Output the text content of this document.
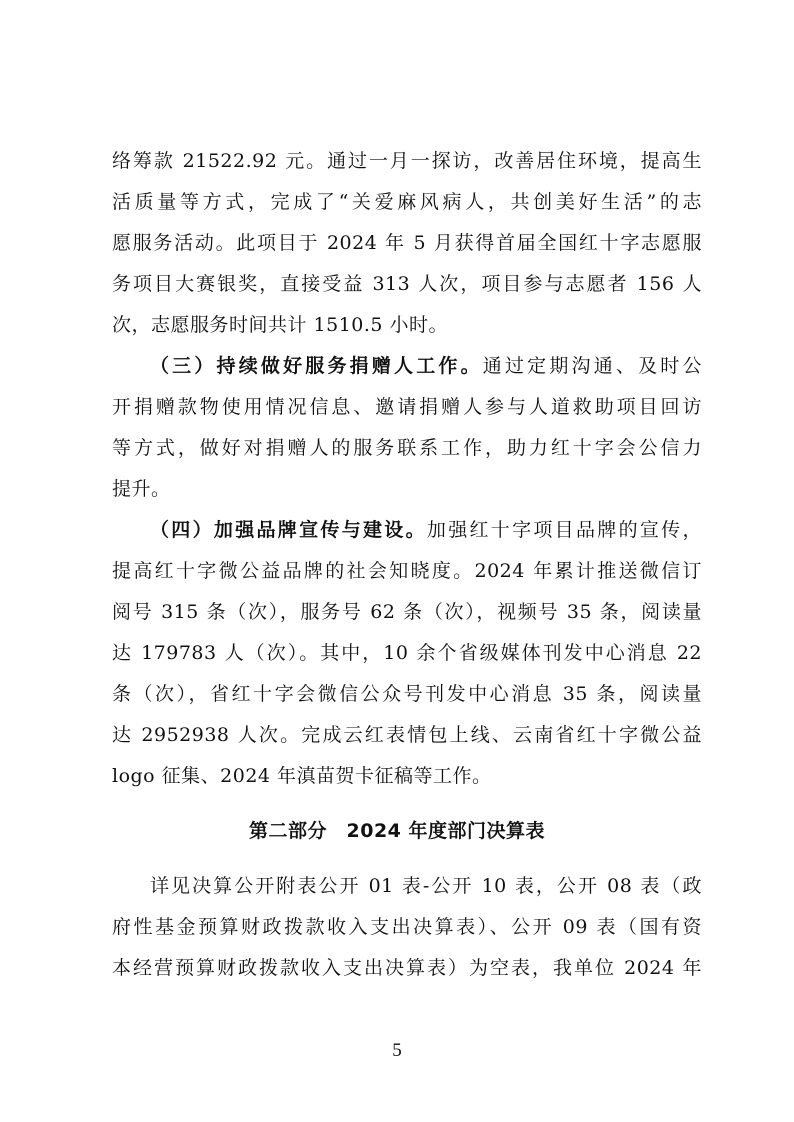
络筹款 21522.92 元。通过一月一探访，改善居住环境，提高生
活质量等方式，完成了“关爱麻风病人，共创美好生活”的志
愿服务活动。此项目于 2024 年 5 月获得首届全国红十字志愿服
务项目大赛银奖，直接受益 313 人次，项目参与志愿者 156 人
次，志愿服务时间共计 1510.5 小时。
（三）持续做好服务捐赠人工作。通过定期沟通、及时公
开捐赠款物使用情况信息、邀请捐赠人参与人道救助项目回访
等方式，做好对捐赠人的服务联系工作，助力红十字会公信力
提升。
（四）加强品牌宣传与建设。加强红十字项目品牌的宣传，
提高红十字微公益品牌的社会知晓度。2024 年累计推送微信订
阅号 315 条（次），服务号 62 条（次），视频号 35 条，阅读量
达 179783 人（次）。其中，10 余个省级媒体刊发中心消息 22
条（次），省红十字会微信公众号刊发中心消息 35 条，阅读量
达 2952938 人次。完成云红表情包上线、云南省红十字微公益
logo 征集、2024 年滇苗贺卡征稿等工作。
第二部分　2024 年度部门决算表
详见决算公开附表公开 01 表-公开 10 表，公开 08 表（政
府性基金预算财政拨款收入支出决算表）、公开 09 表（国有资
本经营预算财政拨款收入支出决算表）为空表，我单位 2024 年
5
